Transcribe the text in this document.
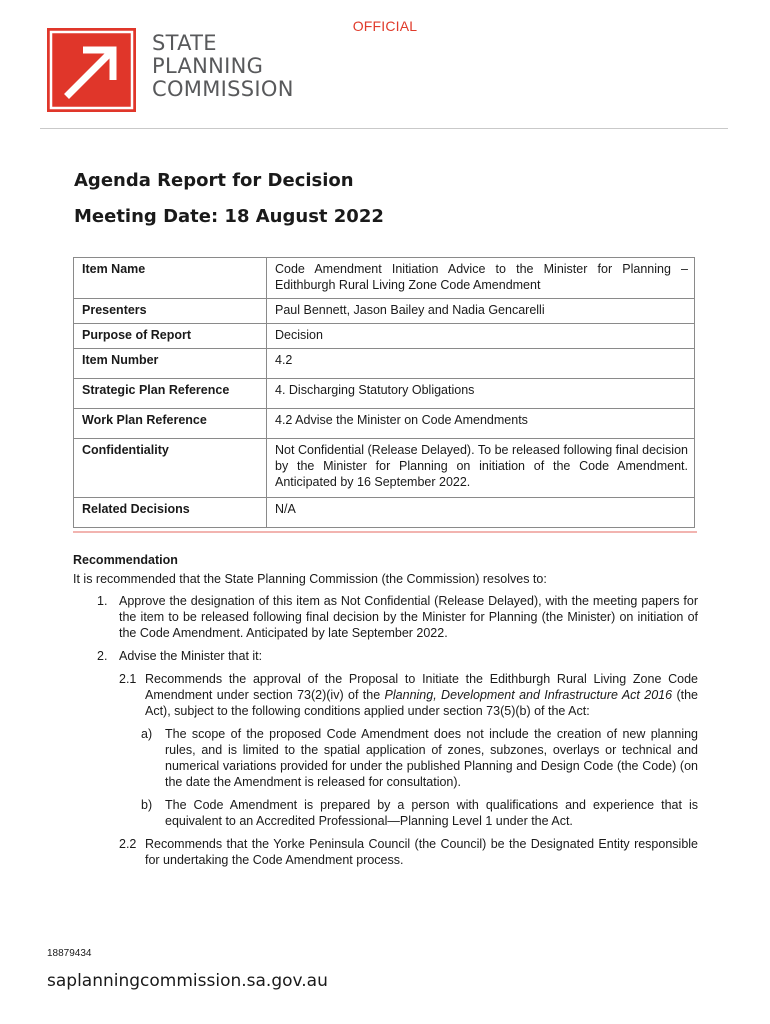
OFFICIAL
STATE
PLANNING
COMMISSION
Agenda Report for Decision
Meeting Date: 18 August 2022
Item Name	Code Amendment Initiation Advice to the Minister for Planning – Edithburgh Rural Living Zone Code Amendment
Presenters	Paul Bennett, Jason Bailey and Nadia Gencarelli
Purpose of Report	Decision
Item Number	4.2
Strategic Plan Reference	4. Discharging Statutory Obligations
Work Plan Reference	4.2 Advise the Minister on Code Amendments
Confidentiality	Not Confidential (Release Delayed). To be released following final decision by the Minister for Planning on initiation of the Code Amendment. Anticipated by 16 September 2022.
Related Decisions	N/A

Recommendation

It is recommended that the State Planning Commission (the Commission) resolves to:

1. Approve the designation of this item as Not Confidential (Release Delayed), with the meeting papers for the item to be released following final decision by the Minister for Planning (the Minister) on initiation of the Code Amendment. Anticipated by late September 2022.
2. Advise the Minister that it:
2.1 Recommends the approval of the Proposal to Initiate the Edithburgh Rural Living Zone Code Amendment under section 73(2)(iv) of the Planning, Development and Infrastructure Act 2016 (the Act), subject to the following conditions applied under section 73(5)(b) of the Act:
a)	The scope of the proposed Code Amendment does not include the creation of new planning rules, and is limited to the spatial application of zones, subzones, overlays or technical and numerical variations provided for under the published Planning and Design Code (the Code) (on the date the Amendment is released for consultation).
b)	The Code Amendment is prepared by a person with qualifications and experience that is equivalent to an Accredited Professional—Planning Level 1 under the Act.
2.2 Recommends that the Yorke Peninsula Council (the Council) be the Designated Entity responsible for undertaking the Code Amendment process.
18879434
saplanningcommission.sa.gov.au
